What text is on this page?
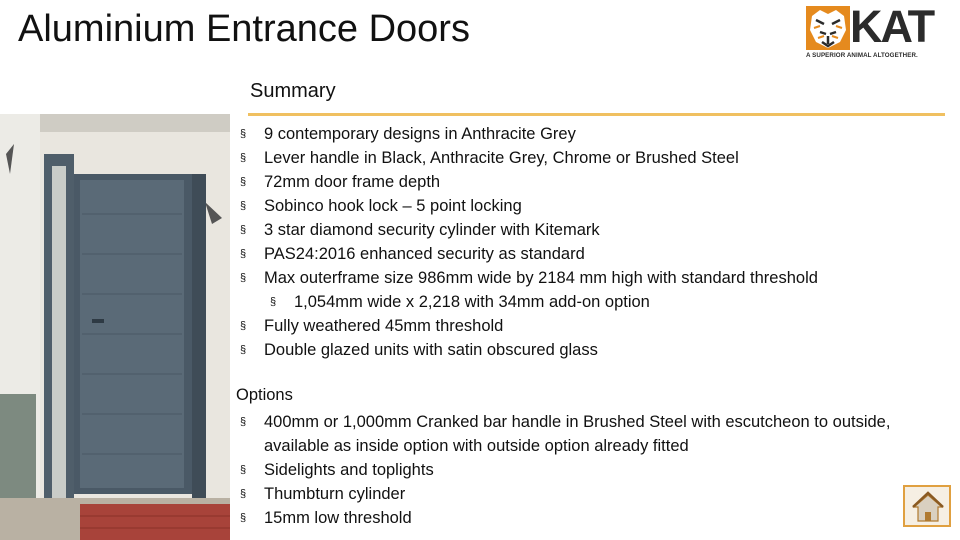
Aluminium Entrance Doors	KAT
A SUPERIOR ANIMAL ALTOGETHER.
Summary
§ 9 contemporary designs in Anthracite Grey
§ Lever handle in Black, Anthracite Grey, Chrome or Brushed Steel
§ 72mm door frame depth
§ Sobinco hook lock – 5 point locking
§ 3 star diamond security cylinder with Kitemark
§ PAS24:2016 enhanced security as standard
§ Max outerframe size 986mm wide by 2184 mm high with standard threshold
§ 1,054mm wide x 2,218 with 34mm add-on option
§ Fully weathered 45mm threshold
§ Double glazed units with satin obscured glass
Options
§ 400mm or 1,000mm Cranked bar handle in Brushed Steel with escutcheon to outside, available as inside option with outside option already fitted
§ Sidelights and toplights
§ Thumbturn cylinder
§ 15mm low threshold
